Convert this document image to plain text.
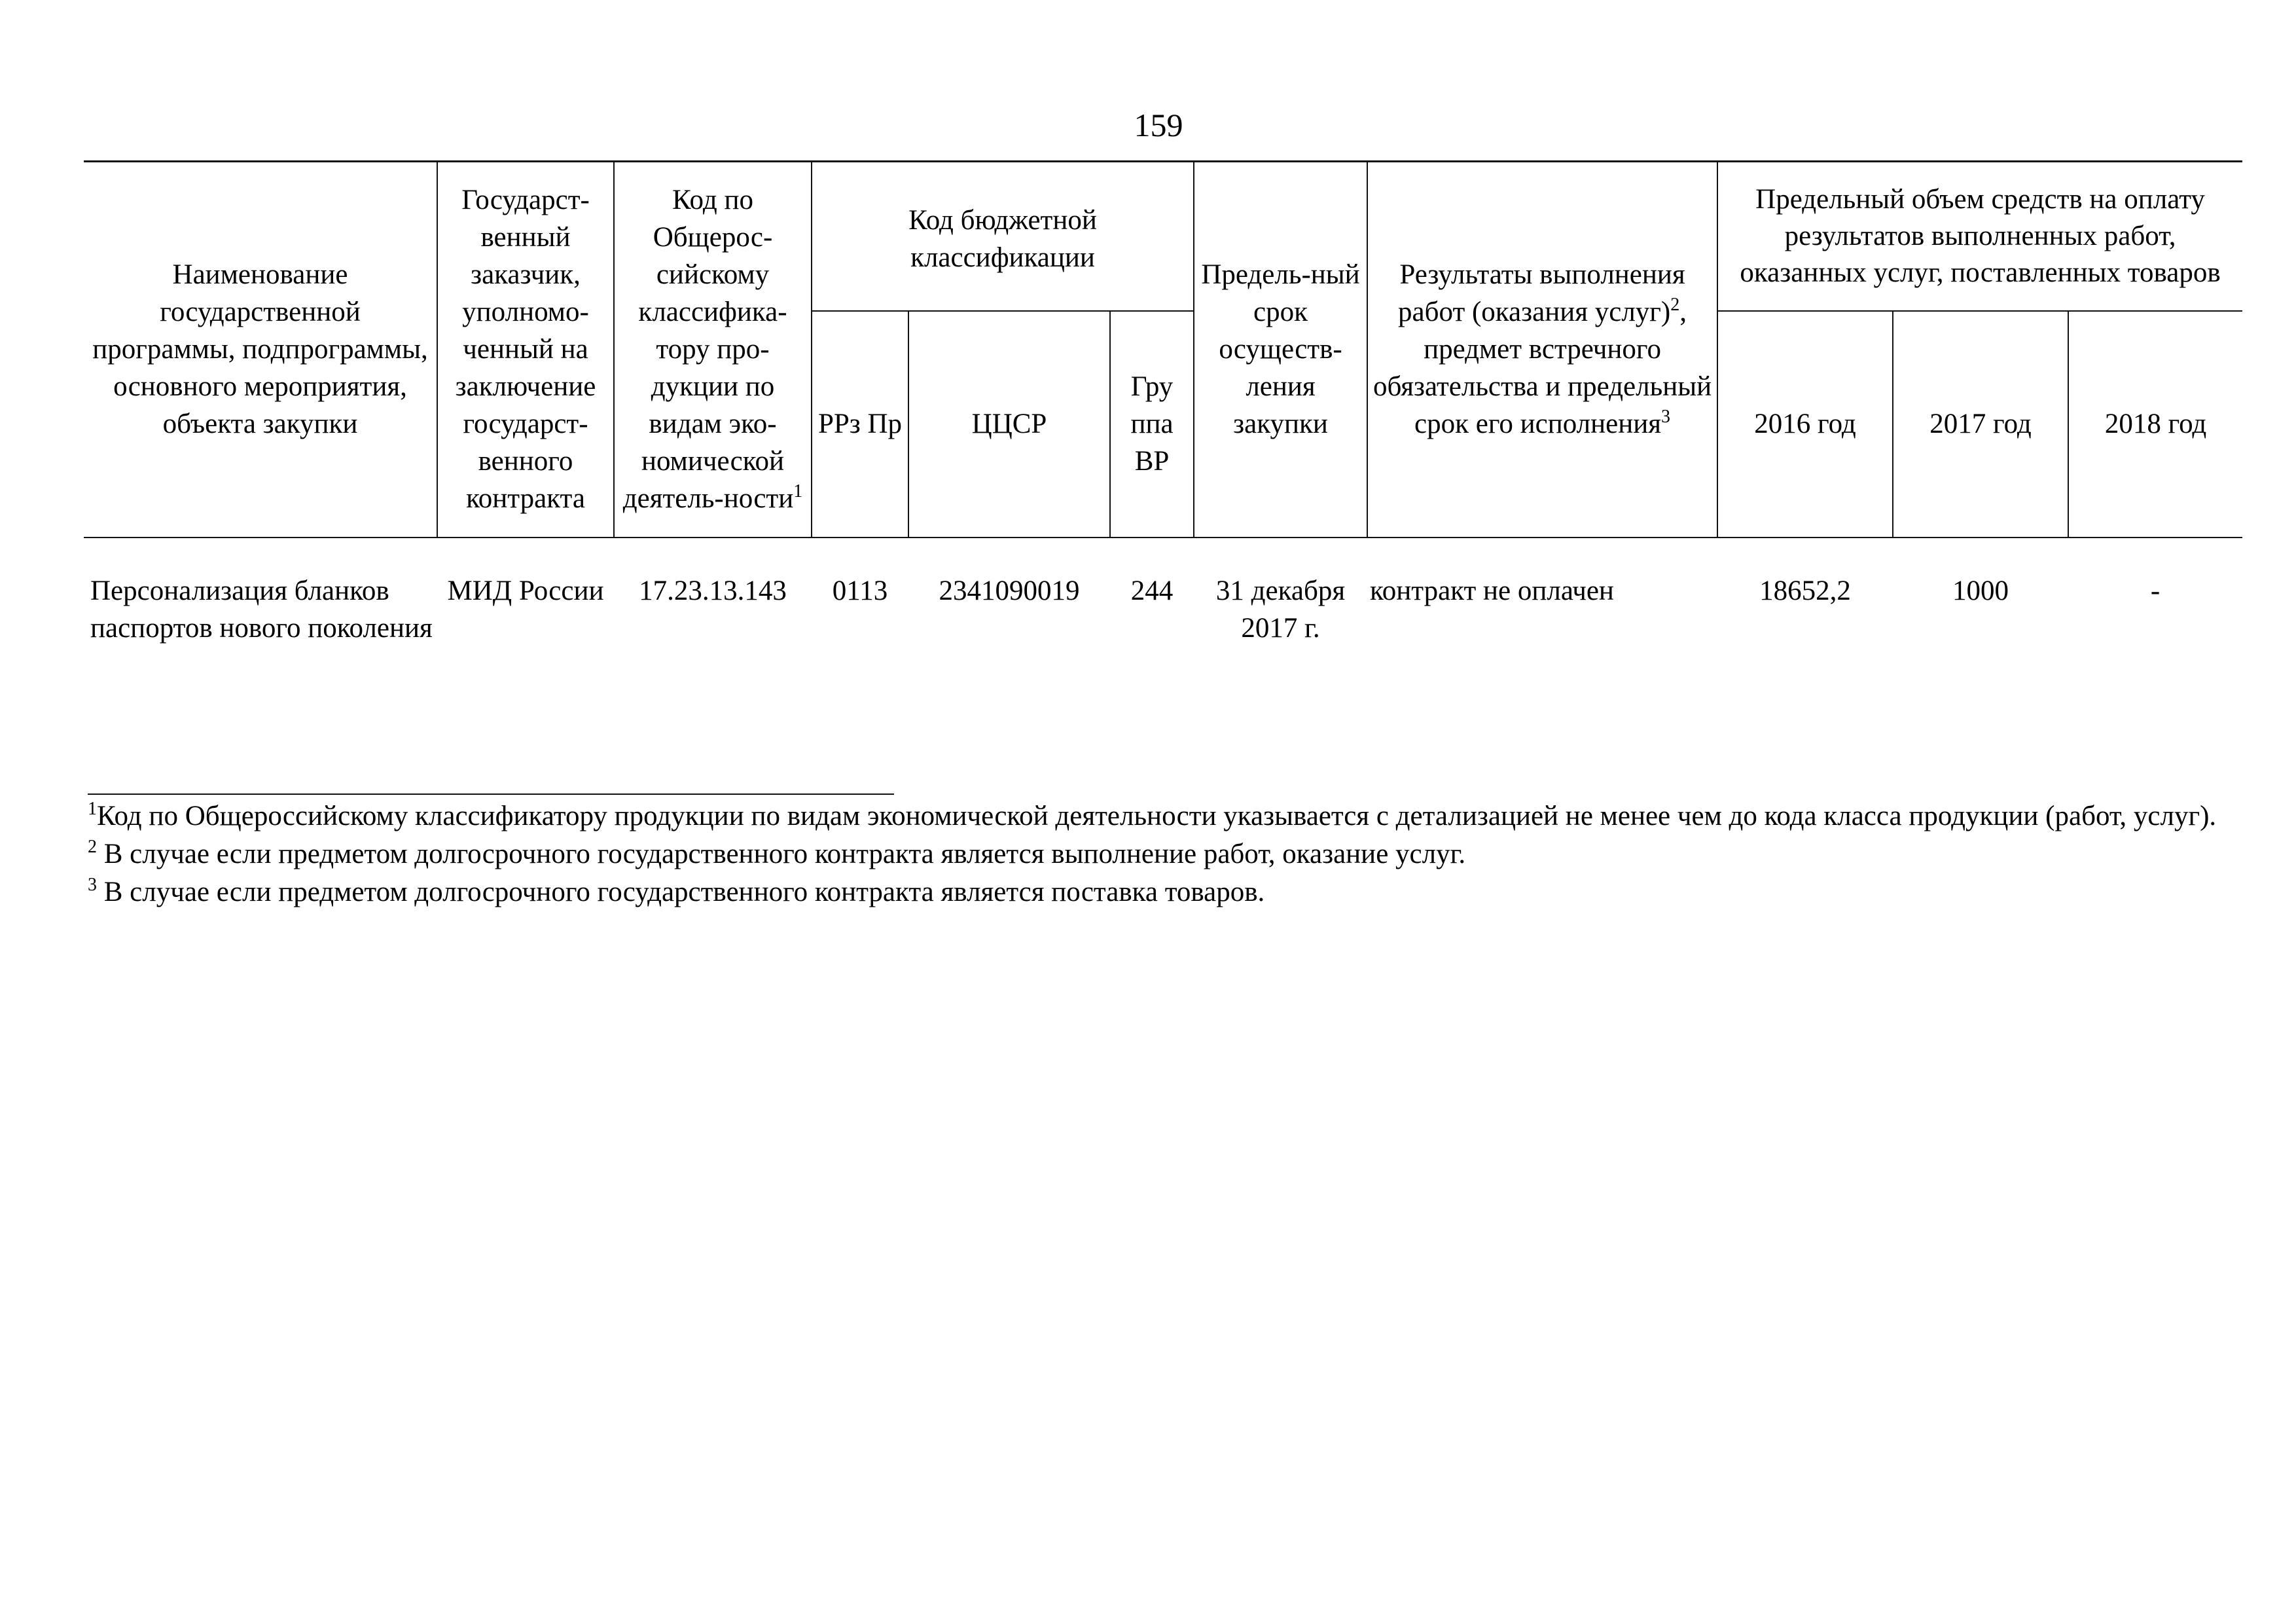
159
Наименование государственной программы, подпрограммы, основного мероприятия, объекта закупки	Государст-венный заказчик, уполномо-ченный на заключение государст-венного контракта	Код по Общерос-сийскому классифика-тору про-дукции по видам эко-номической деятель-ности$^1$	Код бюджетной классификации			Предель-ный срок осуществ-ления закупки	Результаты выполнения работ (оказания услуг)$^2$, предмет встречного обязательства и предельный срок его исполнения$^3$	Предельный объем средств на оплату результатов выполненных работ, оказанных услуг, поставленных товаров		
			РРз Пр	ЦЦСР	Гру ппа ВР			2016 год	2017 год	2018 год
Персонализация бланков паспортов нового поколения	МИД России	17.23.13.143	0113	2341090019	244	31 декабря 2017 г.	контракт не оплачен	18652,2	1000	-

$^1$Код по Общероссийскому классификатору продукции по видам экономической деятельности указывается с детализацией не менее чем до кода класса продукции (работ, услуг).

$^2$ В случае если предметом долгосрочного государственного контракта является выполнение работ, оказание услуг.

$^3$ В случае если предметом долгосрочного государственного контракта является поставка товаров.
